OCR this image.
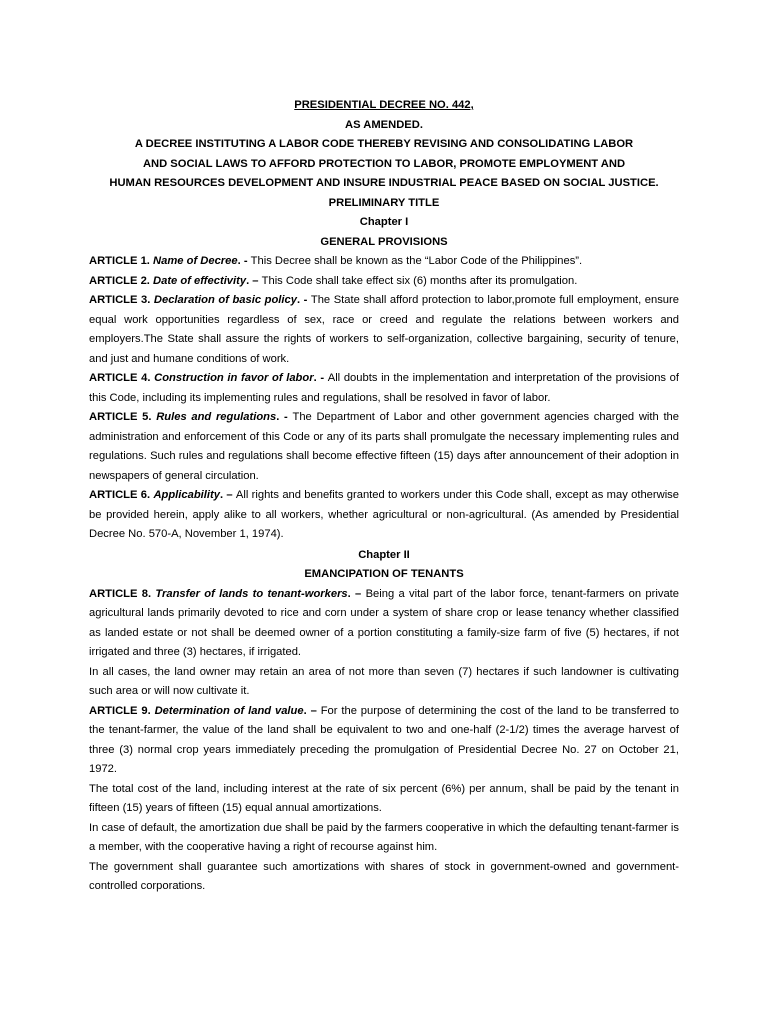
PRESIDENTIAL DECREE NO. 442,

AS AMENDED.

A DECREE INSTITUTING A LABOR CODE THEREBY REVISING AND CONSOLIDATING LABOR

AND SOCIAL LAWS TO AFFORD PROTECTION TO LABOR, PROMOTE EMPLOYMENT AND

HUMAN RESOURCES DEVELOPMENT AND INSURE INDUSTRIAL PEACE BASED ON SOCIAL JUSTICE.

PRELIMINARY TITLE

Chapter I

GENERAL PROVISIONS

ARTICLE 1. Name of Decree. - This Decree shall be known as the “Labor Code of the Philippines”.

ARTICLE 2. Date of effectivity. – This Code shall take effect six (6) months after its promulgation.

ARTICLE 3. Declaration of basic policy. - The State shall afford protection to labor,promote full employment, ensure equal work opportunities regardless of sex, race or creed and regulate the relations between workers and employers.The State shall assure the rights of workers to self-organization, collective bargaining, security of tenure, and just and humane conditions of work.

ARTICLE 4. Construction in favor of labor. - All doubts in the implementation and interpretation of the provisions of this Code, including its implementing rules and regulations, shall be resolved in favor of labor.

ARTICLE 5. Rules and regulations. - The Department of Labor and other government agencies charged with the administration and enforcement of this Code or any of its parts shall promulgate the necessary implementing rules and regulations. Such rules and regulations shall become effective fifteen (15) days after announcement of their adoption in newspapers of general circulation.

ARTICLE 6. Applicability. – All rights and benefits granted to workers under this Code shall, except as may otherwise be provided herein, apply alike to all workers, whether agricultural or non-agricultural. (As amended by Presidential Decree No. 570-A, November 1, 1974).

Chapter II

EMANCIPATION OF TENANTS

ARTICLE 8. Transfer of lands to tenant-workers. – Being a vital part of the labor force, tenant-farmers on private agricultural lands primarily devoted to rice and corn under a system of share crop or lease tenancy whether classified as landed estate or not shall be deemed owner of a portion constituting a family-size farm of five (5) hectares, if not irrigated and three (3) hectares, if irrigated.

In all cases, the land owner may retain an area of not more than seven (7) hectares if such landowner is cultivating such area or will now cultivate it.

ARTICLE 9. Determination of land value. – For the purpose of determining the cost of the land to be transferred to the tenant-farmer, the value of the land shall be equivalent to two and one-half (2-1/2) times the average harvest of three (3) normal crop years immediately preceding the promulgation of Presidential Decree No. 27 on October 21, 1972.

The total cost of the land, including interest at the rate of six percent (6%) per annum, shall be paid by the tenant in fifteen (15) years of fifteen (15) equal annual amortizations.

In case of default, the amortization due shall be paid by the farmers cooperative in which the defaulting tenant-farmer is a member, with the cooperative having a right of recourse against him.

The government shall guarantee such amortizations with shares of stock in government-owned and government-controlled corporations.
